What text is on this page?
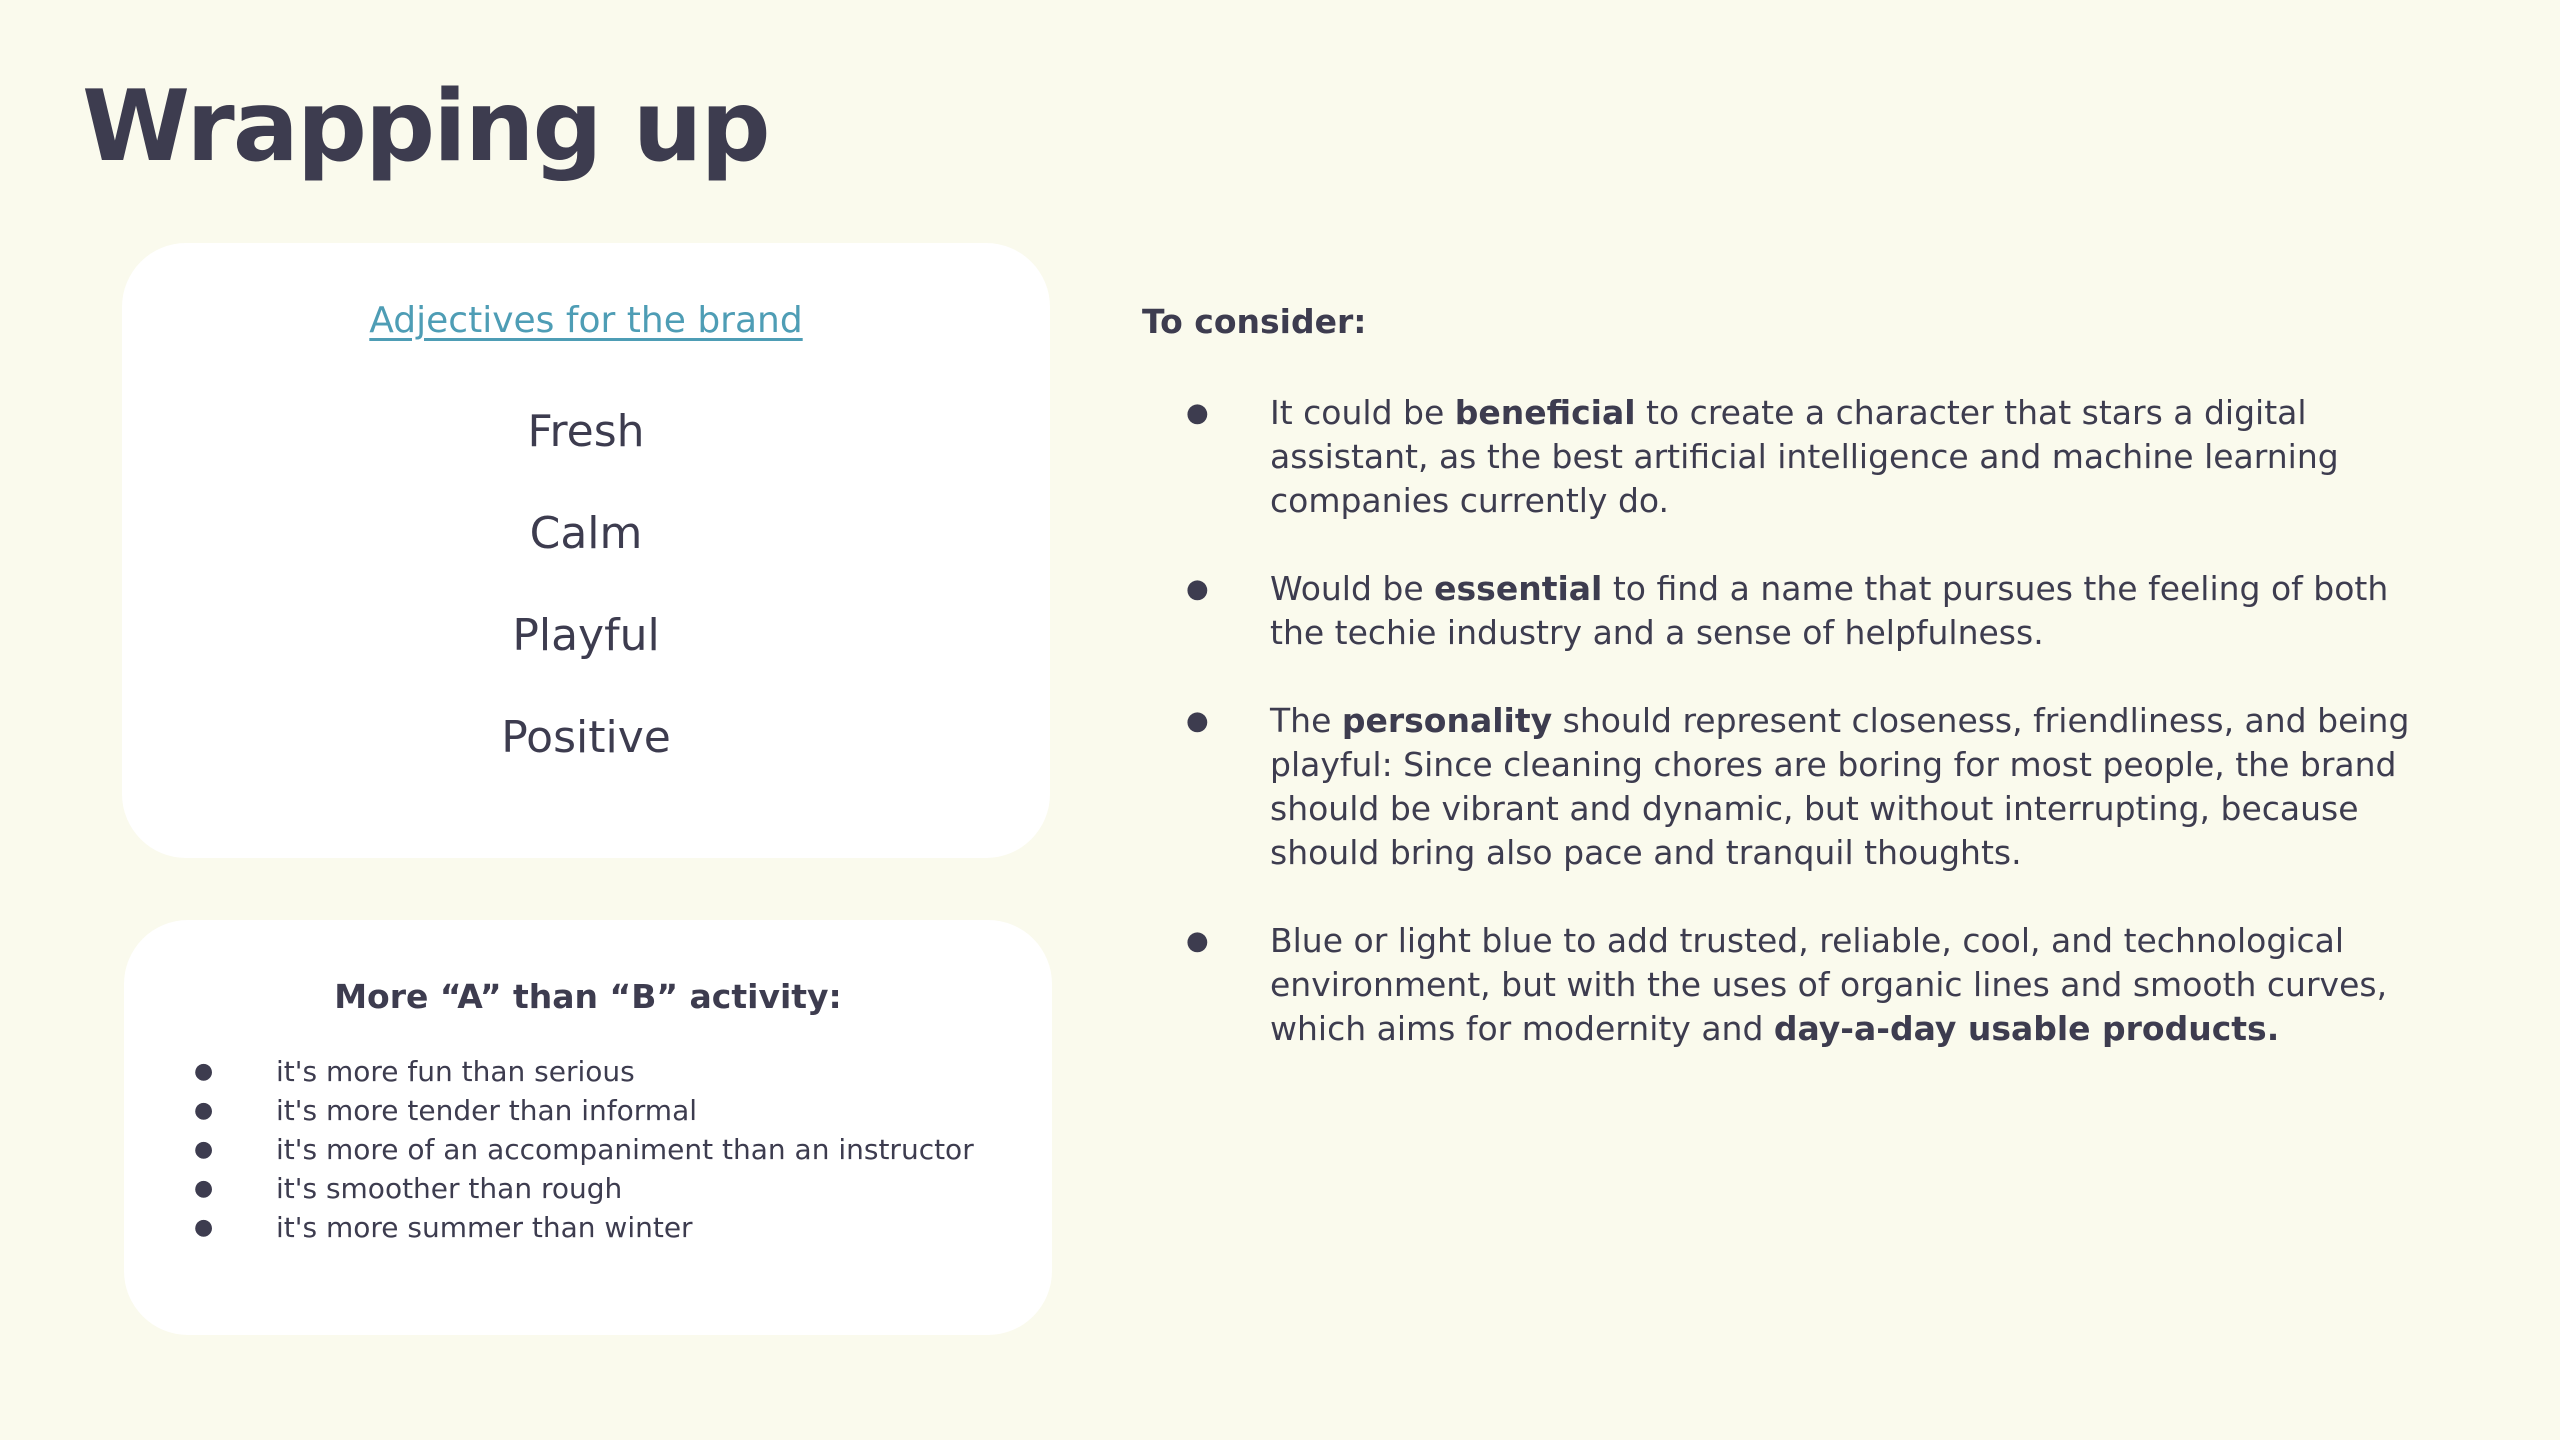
Wrapping up
Adjectives for the brand
Fresh
Calm
Playful
Positive

More “A” than “B” activity:

● it's more fun than serious
● it's more tender than informal
● it's more of an accompaniment than an instructor
● it's smoother than rough
● it's more summer than winter

To consider:

● It could be beneficial to create a character that stars a digital assistant, as the best artificial intelligence and machine learning companies currently do.
● Would be essential to find a name that pursues the feeling of both the techie industry and a sense of helpfulness.
● The personality should represent closeness, friendliness, and being playful: Since cleaning chores are boring for most people, the brand should be vibrant and dynamic, but without interrupting, because should bring also pace and tranquil thoughts.
● Blue or light blue to add trusted, reliable, cool, and technological environment, but with the uses of organic lines and smooth curves, which aims for modernity and day-a-day usable products.
